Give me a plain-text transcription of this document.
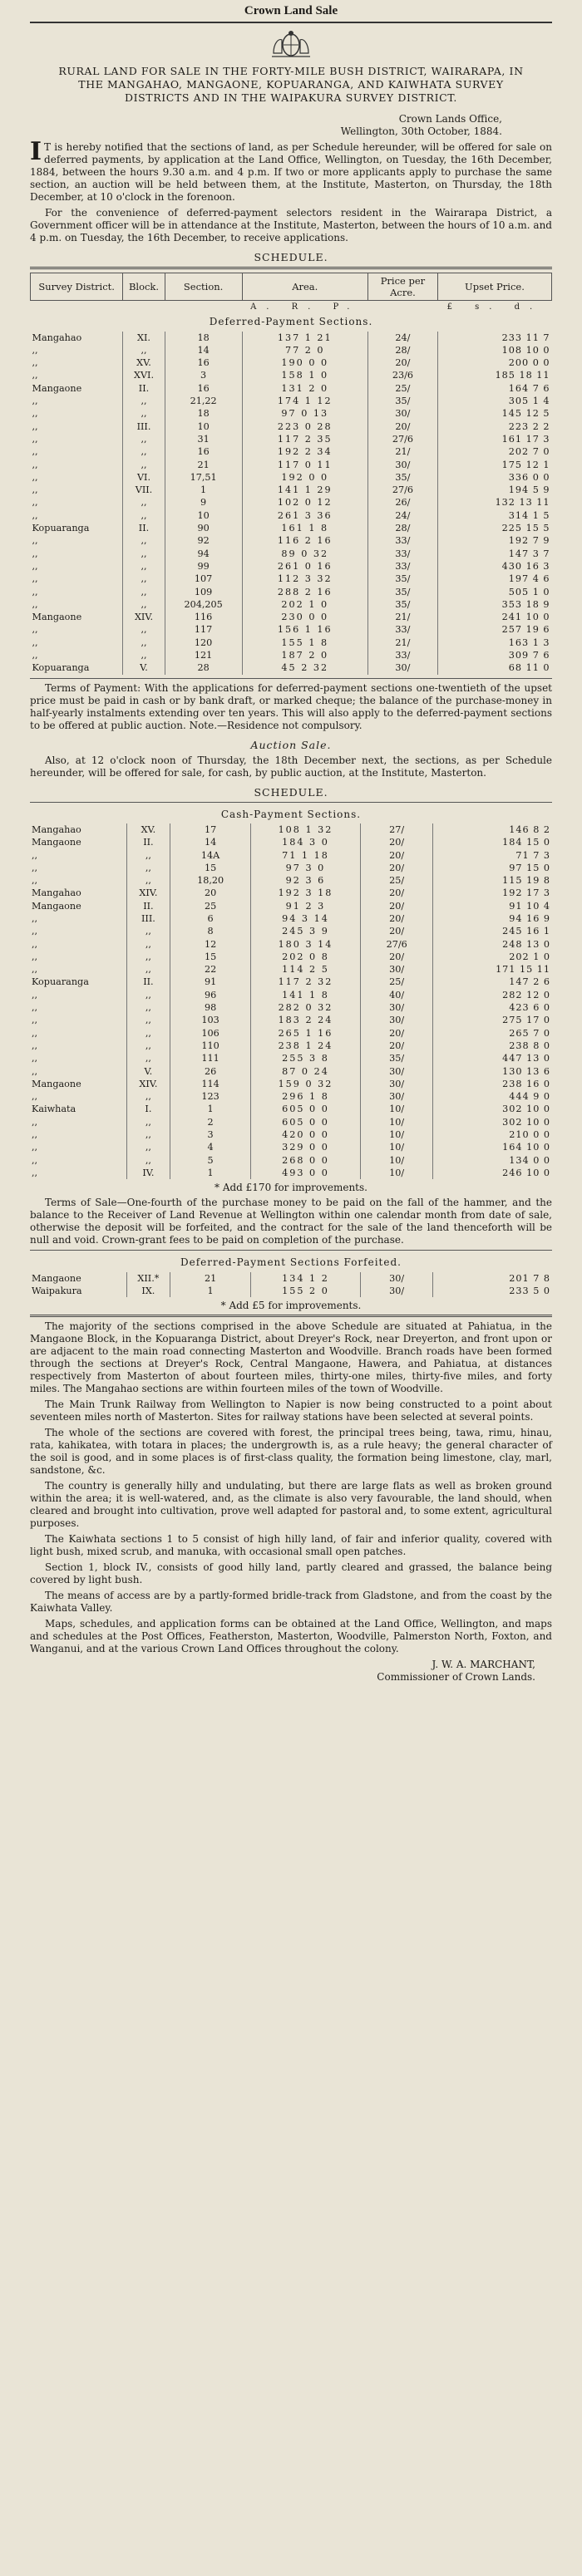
Crown Land Sale
RURAL LAND FOR SALE IN THE FORTY-MILE BUSH DISTRICT, WAIRARAPA, IN THE MANGAHAO, MANGAONE, KOPUARANGA, AND KAIWHATA SURVEY DISTRICTS AND IN THE WAIPAKURA SURVEY DISTRICT.
Crown Lands Office,
Wellington, 30th October, 1884.

I T is hereby notified that the sections of land, as per Schedule hereunder, will be offered for sale on deferred payments, by application at the Land Office, Wellington, on Tuesday, the 16th December, 1884, between the hours 9.30 a.m. and 4 p.m. If two or more applicants apply to purchase the same section, an auction will be held between them, at the Institute, Masterton, on Thursday, the 18th December, at 10 o'clock in the forenoon.

For the convenience of deferred-payment selectors resident in the Wairarapa District, a Government officer will be in attendance at the Institute, Masterton, between the hours of 10 a.m. and 4 p.m. on Tuesday, the 16th December, to receive applications.

SCHEDULE.
Survey District.	Block.	Section.	Area.	Price per Acre.	Upset Price.
			A. R. P.		£ s. d.
Deferred-Payment Sections.					
Mangahao	XI.	18	137 1 21	24/	233 11 7
,,	,,	14	77 2 0	28/	108 10 0
,,	XV.	16	190 0 0	20/	200 0 0
,,	XVI.	3	158 1 0	23/6	185 18 11
Mangaone	II.	16	131 2 0	25/	164 7 6
,,	,,	21,22	174 1 12	35/	305 1 4
,,	,,	18	97 0 13	30/	145 12 5
,,	III.	10	223 0 28	20/	223 2 2
,,	,,	31	117 2 35	27/6	161 17 3
,,	,,	16	192 2 34	21/	202 7 0
,,	,,	21	117 0 11	30/	175 12 1
,,	VI.	17,51	192 0 0	35/	336 0 0
,,	VII.	1	141 1 29	27/6	194 5 9
,,	,,	9	102 0 12	26/	132 13 11
,,	,,	10	261 3 36	24/	314 1 5
Kopuaranga	II.	90	161 1 8	28/	225 15 5
,,	,,	92	116 2 16	33/	192 7 9
,,	,,	94	89 0 32	33/	147 3 7
,,	,,	99	261 0 16	33/	430 16 3
,,	,,	107	112 3 32	35/	197 4 6
,,	,,	109	288 2 16	35/	505 1 0
,,	,,	204,205	202 1 0	35/	353 18 9
Mangaone	XIV.	116	230 0 0	21/	241 10 0
,,	,,	117	156 1 16	33/	257 19 6
,,	,,	120	155 1 8	21/	163 1 3
,,	,,	121	187 2 0	33/	309 7 6
Kopuaranga	V.	28	45 2 32	30/	68 11 0

Terms of Payment: With the applications for deferred-payment sections one-twentieth of the upset price must be paid in cash or by bank draft, or marked cheque; the balance of the purchase-money in half-yearly instalments extending over ten years. This will also apply to the deferred-payment sections to be offered at public auction. Note.—Residence not compulsory.

Auction Sale.

Also, at 12 o'clock noon of Thursday, the 18th December next, the sections, as per Schedule hereunder, will be offered for sale, for cash, by public auction, at the Institute, Masterton.

SCHEDULE.
Cash-Payment Sections.					
Mangahao	XV.	17	108 1 32	27/	146 8 2
Mangaone	II.	14	184 3 0	20/	184 15 0
,,	,,	14A	71 1 18	20/	71 7 3
,,	,,	15	97 3 0	20/	97 15 0
,,	,,	18,20	92 3 6	25/	115 19 8
Mangahao	XIV.	20	192 3 18	20/	192 17 3
Mangaone	II.	25	91 2 3	20/	91 10 4
,,	III.	6	94 3 14	20/	94 16 9
,,	,,	8	245 3 9	20/	245 16 1
,,	,,	12	180 3 14	27/6	248 13 0
,,	,,	15	202 0 8	20/	202 1 0
,,	,,	22	114 2 5	30/	171 15 11
Kopuaranga	II.	91	117 2 32	25/	147 2 6
,,	,,	96	141 1 8	40/	282 12 0
,,	,,	98	282 0 32	30/	423 6 0
,,	,,	103	183 2 24	30/	275 17 0
,,	,,	106	265 1 16	20/	265 7 0
,,	,,	110	238 1 24	20/	238 8 0
,,	,,	111	255 3 8	35/	447 13 0
,,	V.	26	87 0 24	30/	130 13 6
Mangaone	XIV.	114	159 0 32	30/	238 16 0
,,	,,	123	296 1 8	30/	444 9 0
Kaiwhata	I.	1	605 0 0	10/	302 10 0
,,	,,	2	605 0 0	10/	302 10 0
,,	,,	3	420 0 0	10/	210 0 0
,,	,,	4	329 0 0	10/	164 10 0
,,	,,	5	268 0 0	10/	134 0 0
,,	IV.	1	493 0 0	10/	246 10 0
* Add £170 for improvements.

Terms of Sale—One-fourth of the purchase money to be paid on the fall of the hammer, and the balance to the Receiver of Land Revenue at Wellington within one calendar month from date of sale, otherwise the deposit will be forfeited, and the contract for the sale of the land thenceforth will be null and void. Crown-grant fees to be paid on completion of the purchase.

Deferred-Payment Sections Forfeited.					
Mangaone	XII.*	21	134 1 2	30/	201 7 8
Waipakura	IX.	1	155 2 0	30/	233 5 0
* Add £5 for improvements.

The majority of the sections comprised in the above Schedule are situated at Pahiatua, in the Mangaone Block, in the Kopuaranga District, about Dreyer's Rock, near Dreyerton, and front upon or are adjacent to the main road connecting Masterton and Woodville. Branch roads have been formed through the sections at Dreyer's Rock, Central Mangaone, Hawera, and Pahiatua, at distances respectively from Masterton of about fourteen miles, thirty-one miles, thirty-five miles, and forty miles. The Mangahao sections are within fourteen miles of the town of Woodville.

The Main Trunk Railway from Wellington to Napier is now being constructed to a point about seventeen miles north of Masterton. Sites for railway stations have been selected at several points.

The whole of the sections are covered with forest, the principal trees being, tawa, rimu, hinau, rata, kahikatea, with totara in places; the undergrowth is, as a rule heavy; the general character of the soil is good, and in some places is of first-class quality, the formation being limestone, clay, marl, sandstone, &c.

The country is generally hilly and undulating, but there are large flats as well as broken ground within the area; it is well-watered, and, as the climate is also very favourable, the land should, when cleared and brought into cultivation, prove well adapted for pastoral and, to some extent, agricultural purposes.

The Kaiwhata sections 1 to 5 consist of high hilly land, of fair and inferior quality, covered with light bush, mixed scrub, and manuka, with occasional small open patches.

Section 1, block IV., consists of good hilly land, partly cleared and grassed, the balance being covered by light bush.

The means of access are by a partly-formed bridle-track from Gladstone, and from the coast by the Kaiwhata Valley.

Maps, schedules, and application forms can be obtained at the Land Office, Wellington, and maps and schedules at the Post Offices, Featherston, Masterton, Woodville, Palmerston North, Foxton, and Wanganui, and at the various Crown Land Offices throughout the colony.

J. W. A. MARCHANT,
Commissioner of Crown Lands.
